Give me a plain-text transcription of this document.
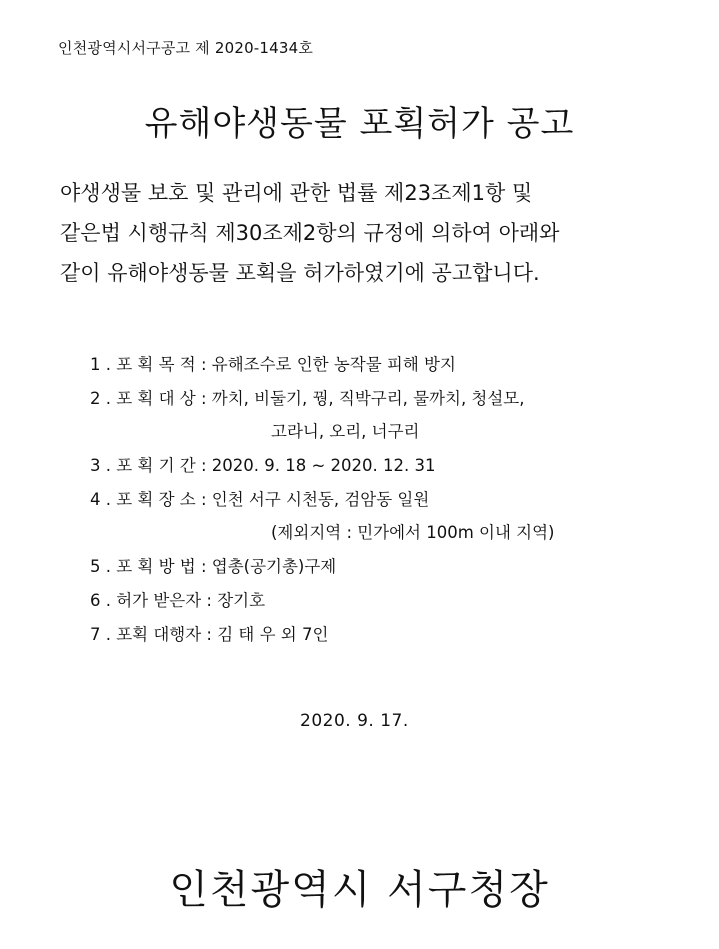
인천광역시서구공고 제 2020-1434호
유해야생동물 포획허가 공고
야생생물 보호 및 관리에 관한 법률 제23조제1항 및
같은법 시행규칙 제30조제2항의 규정에 의하여 아래와
같이 유해야생동물 포획을 허가하였기에 공고합니다.
1 . 포 획 목 적 : 유해조수로 인한 농작물 피해 방지
2 . 포 획 대 상 : 까치, 비둘기, 꿩, 직박구리, 물까치, 청설모,
고라니, 오리, 너구리
3 . 포 획 기 간 : 2020. 9. 18 ~ 2020. 12. 31
4 . 포 획 장 소 : 인천 서구 시천동, 검암동 일원
(제외지역 : 민가에서 100m 이내 지역)
5 . 포 획 방 법 : 엽총(공기총)구제
6 . 허가 받은자 : 장기호
7 . 포획 대행자 : 김 태 우 외 7인
2020. 9. 17.
인천광역시 서구청장
